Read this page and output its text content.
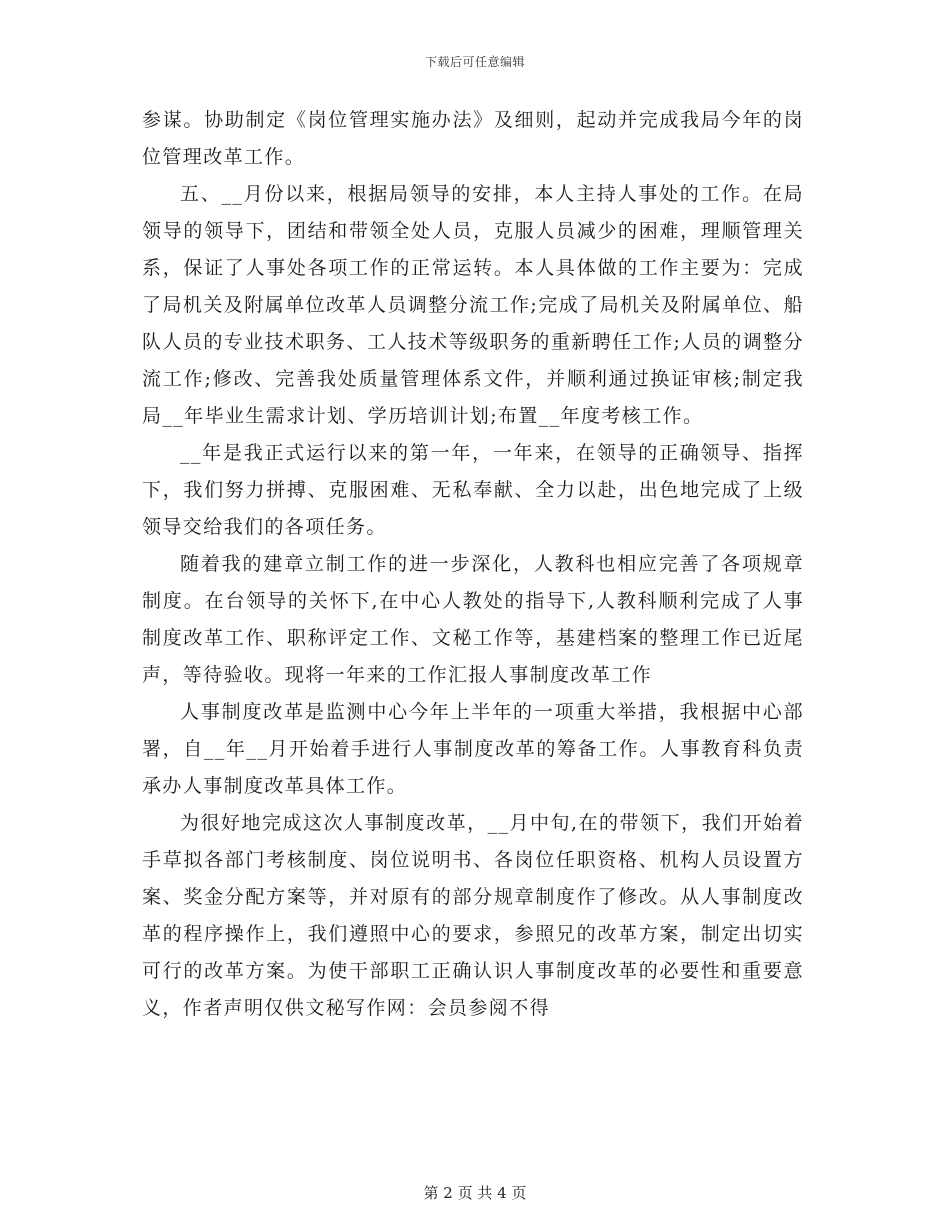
下载后可任意编辑

参谋。协助制定《岗位管理实施办法》及细则，起动并完成我局今年的岗位管理改革工作。

五、__月份以来，根据局领导的安排，本人主持人事处的工作。在局领导的领导下，团结和带领全处人员，克服人员减少的困难，理顺管理关系，保证了人事处各项工作的正常运转。本人具体做的工作主要为：完成了局机关及附属单位改革人员调整分流工作;完成了局机关及附属单位、船队人员的专业技术职务、工人技术等级职务的重新聘任工作;人员的调整分流工作;修改、完善我处质量管理体系文件，并顺利通过换证审核;制定我局__年毕业生需求计划、学历培训计划;布置__年度考核工作。

__年是我正式运行以来的第一年，一年来，在领导的正确领导、指挥下，我们努力拼搏、克服困难、无私奉献、全力以赴，出色地完成了上级领导交给我们的各项任务。

随着我的建章立制工作的进一步深化，人教科也相应完善了各项规章制度。在台领导的关怀下,在中心人教处的指导下,人教科顺利完成了人事制度改革工作、职称评定工作、文秘工作等，基建档案的整理工作已近尾声，等待验收。现将一年来的工作汇报人事制度改革工作

人事制度改革是监测中心今年上半年的一项重大举措，我根据中心部署，自__年__月开始着手进行人事制度改革的筹备工作。人事教育科负责承办人事制度改革具体工作。

为很好地完成这次人事制度改革，__月中旬,在的带领下，我们开始着手草拟各部门考核制度、岗位说明书、各岗位任职资格、机构人员设置方案、奖金分配方案等，并对原有的部分规章制度作了修改。从人事制度改革的程序操作上，我们遵照中心的要求，参照兄的改革方案，制定出切实可行的改革方案。为使干部职工正确认识人事制度改革的必要性和重要意义，作者声明仅供文秘写作网：会员参阅不得

第 2 页 共 4 页
